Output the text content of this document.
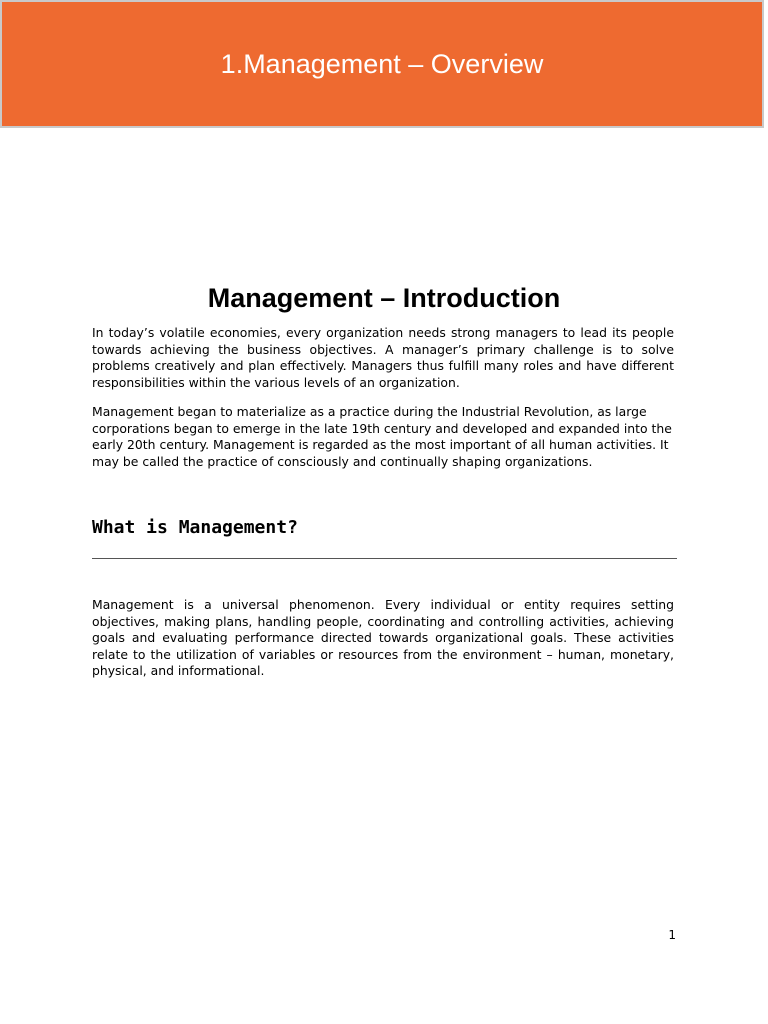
1.Management – Overview
Management – Introduction

In today’s volatile economies, every organization needs strong managers to lead its people towards achieving the business objectives. A manager’s primary challenge is to solve problems creatively and plan effectively. Managers thus fulfill many roles and have different responsibilities within the various levels of an organization.

Management began to materialize as a practice during the Industrial Revolution, as large corporations began to emerge in the late 19th century and developed and expanded into the early 20th century. Management is regarded as the most important of all human activities. It may be called the practice of consciously and continually shaping organizations.

What is Management?

Management is a universal phenomenon. Every individual or entity requires setting objectives, making plans, handling people, coordinating and controlling activities, achieving goals and evaluating performance directed towards organizational goals. These activities relate to the utilization of variables or resources from the environment – human, monetary, physical, and informational.

1
